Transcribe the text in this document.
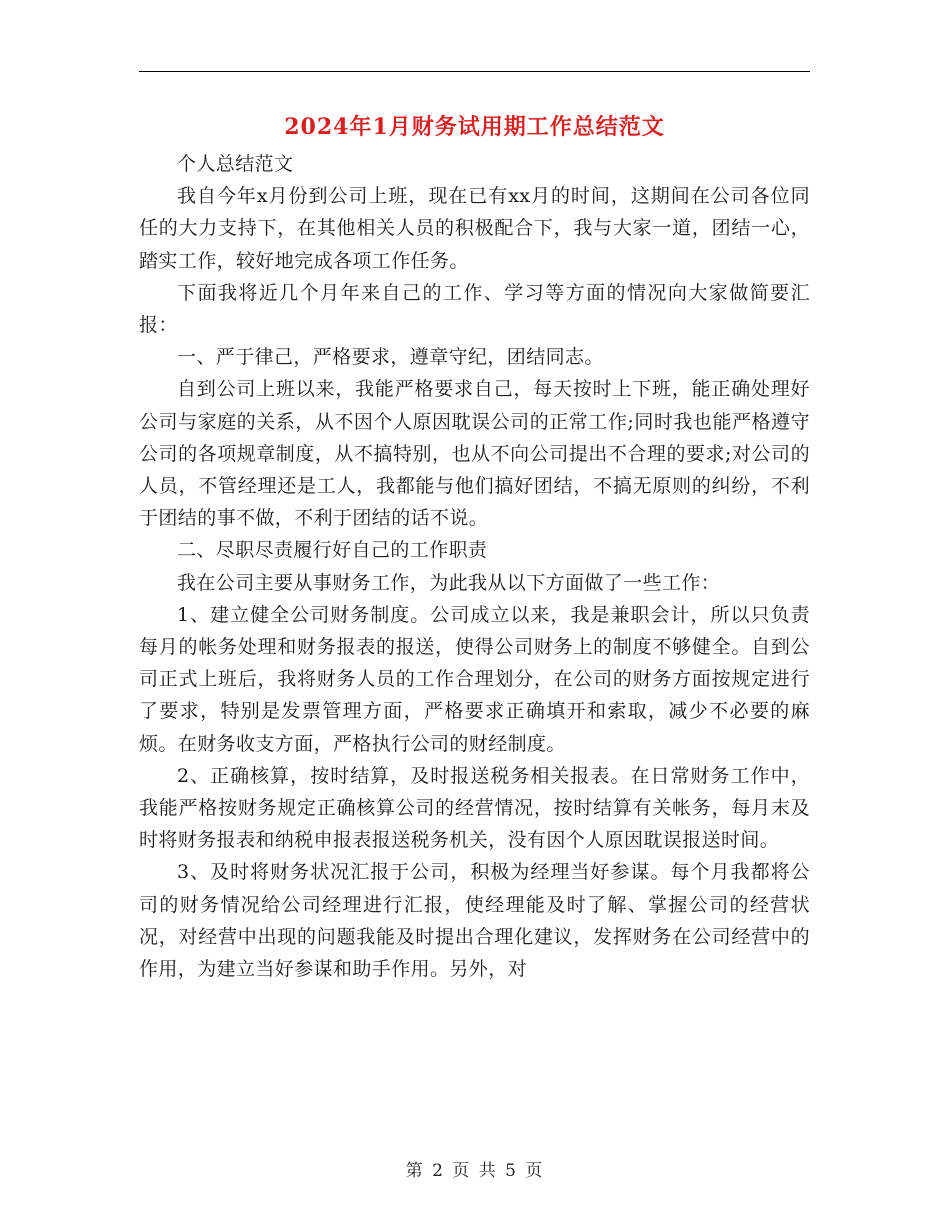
2024年1月财务试用期工作总结范文

个人总结范文

我自今年x月份到公司上班，现在已有xx月的时间，这期间在公司各位同任的大力支持下，在其他相关人员的积极配合下，我与大家一道，团结一心，踏实工作，较好地完成各项工作任务。

下面我将近几个月年来自己的工作、学习等方面的情况向大家做简要汇报：

一、严于律己，严格要求，遵章守纪，团结同志。

自到公司上班以来，我能严格要求自己，每天按时上下班，能正确处理好公司与家庭的关系，从不因个人原因耽误公司的正常工作;同时我也能严格遵守公司的各项规章制度，从不搞特别，也从不向公司提出不合理的要求;对公司的人员，不管经理还是工人，我都能与他们搞好团结，不搞无原则的纠纷，不利于团结的事不做，不利于团结的话不说。

二、尽职尽责履行好自己的工作职责

我在公司主要从事财务工作，为此我从以下方面做了一些工作：

1、建立健全公司财务制度。公司成立以来，我是兼职会计，所以只负责每月的帐务处理和财务报表的报送，使得公司财务上的制度不够健全。自到公司正式上班后，我将财务人员的工作合理划分，在公司的财务方面按规定进行了要求，特别是发票管理方面，严格要求正确填开和索取，减少不必要的麻烦。在财务收支方面，严格执行公司的财经制度。

2、正确核算，按时结算，及时报送税务相关报表。在日常财务工作中，我能严格按财务规定正确核算公司的经营情况，按时结算有关帐务，每月末及时将财务报表和纳税申报表报送税务机关，没有因个人原因耽误报送时间。

3、及时将财务状况汇报于公司，积极为经理当好参谋。每个月我都将公司的财务情况给公司经理进行汇报，使经理能及时了解、掌握公司的经营状况，对经营中出现的问题我能及时提出合理化建议，发挥财务在公司经营中的作用，为建立当好参谋和助手作用。另外，对

第 2 页 共 5 页
